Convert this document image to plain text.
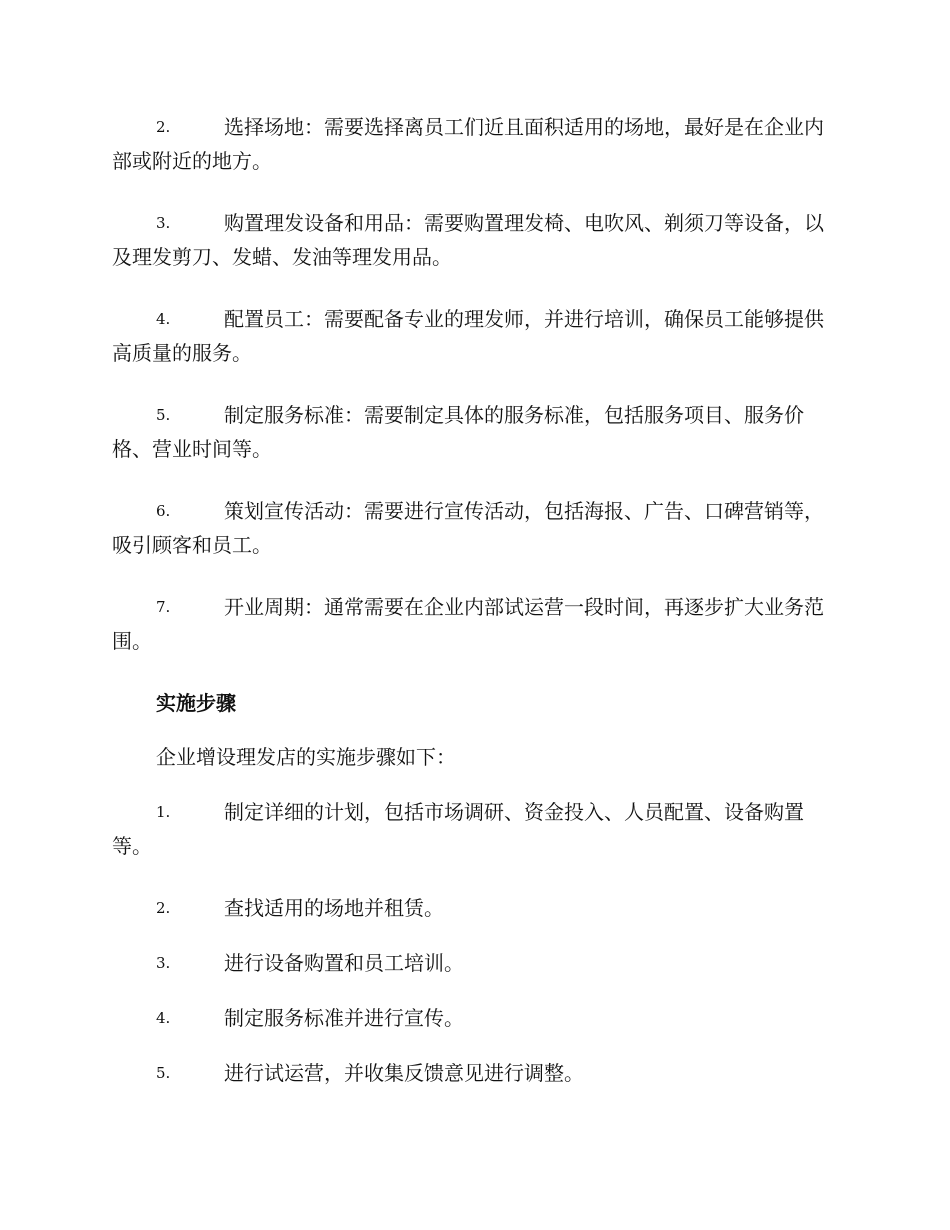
2.	选择场地：需要选择离员工们近且面积适用的场地，最好是在企业内部或附近的地方。
3.	购置理发设备和用品：需要购置理发椅、电吹风、剃须刀等设备，以及理发剪刀、发蜡、发油等理发用品。
4.	配置员工：需要配备专业的理发师，并进行培训，确保员工能够提供高质量的服务。
5.	制定服务标准：需要制定具体的服务标准，包括服务项目、服务价格、营业时间等。
6.	策划宣传活动：需要进行宣传活动，包括海报、广告、口碑营销等，吸引顾客和员工。
7.	开业周期：通常需要在企业内部试运营一段时间，再逐步扩大业务范围。
实施步骤
企业增设理发店的实施步骤如下：
1.	制定详细的计划，包括市场调研、资金投入、人员配置、设备购置等。
2.	查找适用的场地并租赁。
3.	进行设备购置和员工培训。
4.	制定服务标准并进行宣传。
5.	进行试运营，并收集反馈意见进行调整。
